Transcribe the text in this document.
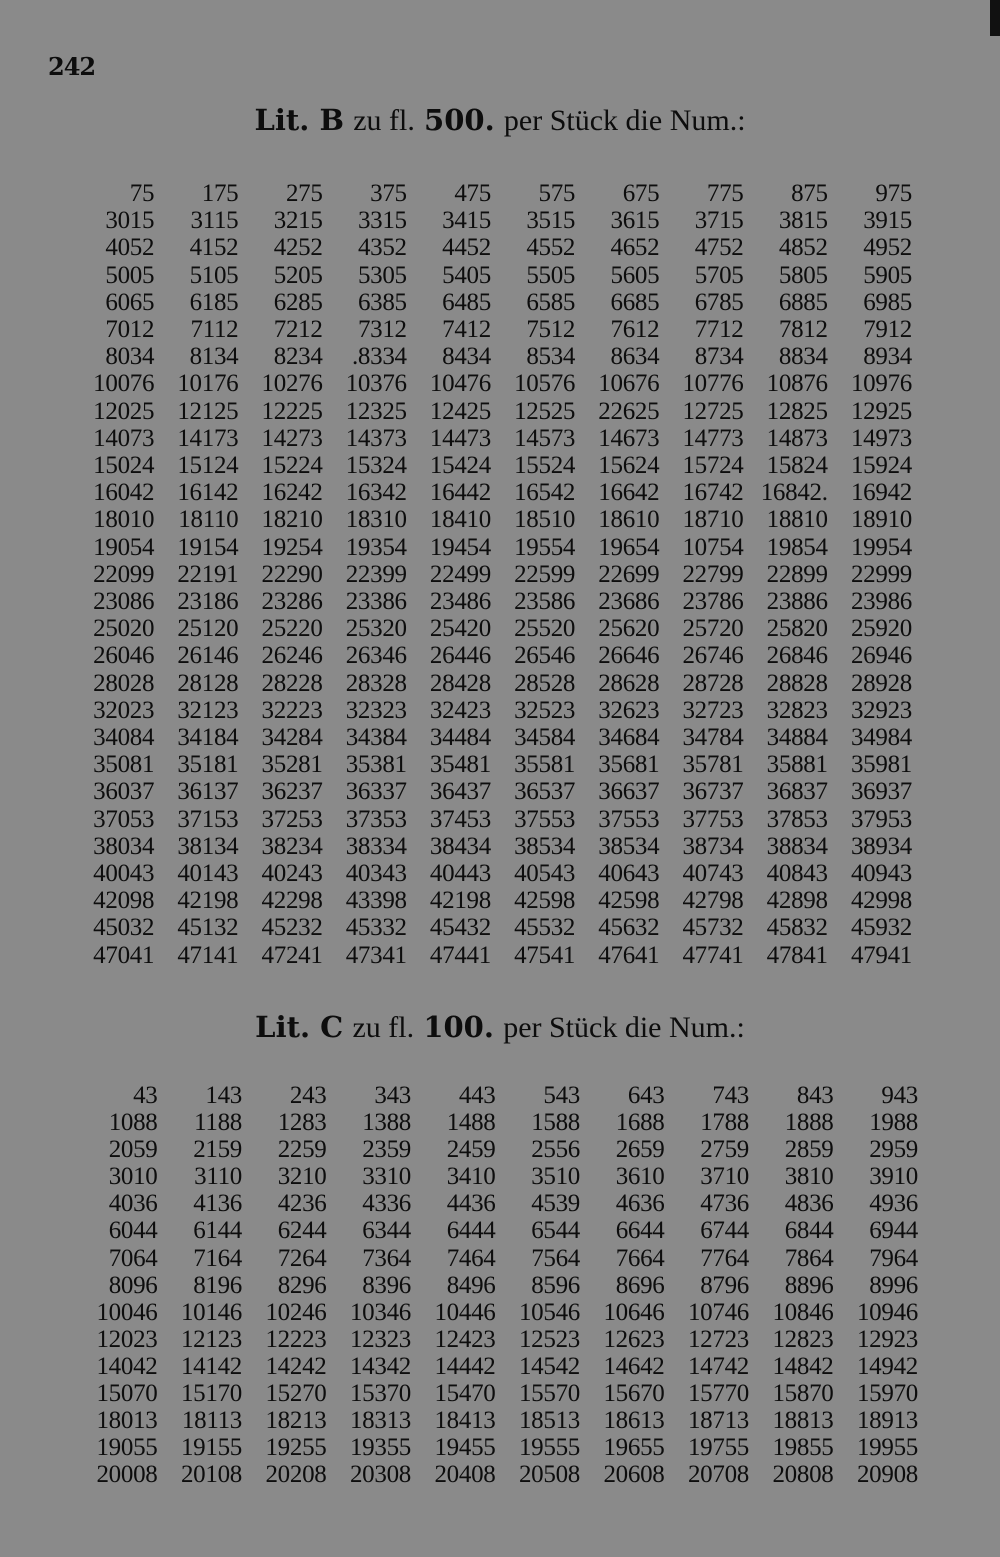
242
Lit. B zu fl. 500. per Stück die Num.:
75	175	275	375	475	575	675	775	875	975
3015	3115	3215	3315	3415	3515	3615	3715	3815	3915
4052	4152	4252	4352	4452	4552	4652	4752	4852	4952
5005	5105	5205	5305	5405	5505	5605	5705	5805	5905
6065	6185	6285	6385	6485	6585	6685	6785	6885	6985
7012	7112	7212	7312	7412	7512	7612	7712	7812	7912
8034	8134	8234	.8334	8434	8534	8634	8734	8834	8934
10076	10176	10276	10376	10476	10576	10676	10776	10876	10976
12025	12125	12225	12325	12425	12525	22625	12725	12825	12925
14073	14173	14273	14373	14473	14573	14673	14773	14873	14973
15024	15124	15224	15324	15424	15524	15624	15724	15824	15924
16042	16142	16242	16342	16442	16542	16642	16742	16842.	16942
18010	18110	18210	18310	18410	18510	18610	18710	18810	18910
19054	19154	19254	19354	19454	19554	19654	10754	19854	19954
22099	22191	22290	22399	22499	22599	22699	22799	22899	22999
23086	23186	23286	23386	23486	23586	23686	23786	23886	23986
25020	25120	25220	25320	25420	25520	25620	25720	25820	25920
26046	26146	26246	26346	26446	26546	26646	26746	26846	26946
28028	28128	28228	28328	28428	28528	28628	28728	28828	28928
32023	32123	32223	32323	32423	32523	32623	32723	32823	32923
34084	34184	34284	34384	34484	34584	34684	34784	34884	34984
35081	35181	35281	35381	35481	35581	35681	35781	35881	35981
36037	36137	36237	36337	36437	36537	36637	36737	36837	36937
37053	37153	37253	37353	37453	37553	37553	37753	37853	37953
38034	38134	38234	38334	38434	38534	38534	38734	38834	38934
40043	40143	40243	40343	40443	40543	40643	40743	40843	40943
42098	42198	42298	43398	42198	42598	42598	42798	42898	42998
45032	45132	45232	45332	45432	45532	45632	45732	45832	45932
47041	47141	47241	47341	47441	47541	47641	47741	47841	47941
Lit. C zu fl. 100. per Stück die Num.:
43	143	243	343	443	543	643	743	843	943
1088	1188	1283	1388	1488	1588	1688	1788	1888	1988
2059	2159	2259	2359	2459	2556	2659	2759	2859	2959
3010	3110	3210	3310	3410	3510	3610	3710	3810	3910
4036	4136	4236	4336	4436	4539	4636	4736	4836	4936
6044	6144	6244	6344	6444	6544	6644	6744	6844	6944
7064	7164	7264	7364	7464	7564	7664	7764	7864	7964
8096	8196	8296	8396	8496	8596	8696	8796	8896	8996
10046	10146	10246	10346	10446	10546	10646	10746	10846	10946
12023	12123	12223	12323	12423	12523	12623	12723	12823	12923
14042	14142	14242	14342	14442	14542	14642	14742	14842	14942
15070	15170	15270	15370	15470	15570	15670	15770	15870	15970
18013	18113	18213	18313	18413	18513	18613	18713	18813	18913
19055	19155	19255	19355	19455	19555	19655	19755	19855	19955
20008	20108	20208	20308	20408	20508	20608	20708	20808	20908
